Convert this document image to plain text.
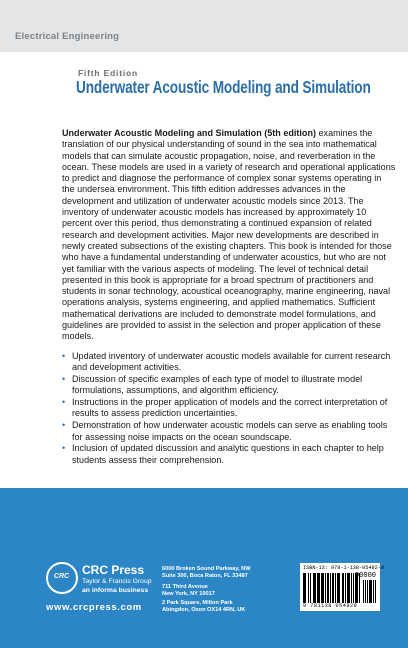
Electrical Engineering
Fifth Edition
Underwater Acoustic Modeling and Simulation
Underwater Acoustic Modeling and Simulation (5th edition) examines the translation of our physical understanding of sound in the sea into mathematical models that can simulate acoustic propagation, noise, and reverberation in the ocean. These models are used in a variety of research and operational applications to predict and diagnose the performance of complex sonar systems operating in the undersea environment. This fifth edition addresses advances in the development and utilization of underwater acoustic models since 2013. The inventory of underwater acoustic models has increased by approximately 10 percent over this period, thus demonstrating a continued expansion of related research and development activities. Major new developments are described in newly created subsections of the existing chapters. This book is intended for those who have a fundamental understanding of underwater acoustics, but who are not yet familiar with the various aspects of modeling. The level of technical detail presented in this book is appropriate for a broad spectrum of practitioners and students in sonar technology, acoustical oceanography, marine engineering, naval operations analysis, systems engineering, and applied mathematics. Sufficient mathematical derivations are included to demonstrate model formulations, and guidelines are provided to assist in the selection and proper application of these models.
• Updated inventory of underwater acoustic models available for current research and development activities.
• Discussion of specific examples of each type of model to illustrate model formulations, assumptions, and algorithm efficiency.
• Instructions in the proper application of models and the correct interpretation of results to assess prediction uncertainties.
• Demonstration of how underwater acoustic models can serve as enabling tools for assessing noise impacts on the ocean soundscape.
• Inclusion of updated discussion and analytic questions in each chapter to help students assess their comprehension.
CRC	CRC Press
Taylor & Francis Group
an informa business
www.crcpress.com
6000 Broken Sound Parkway, NW
Suite 300, Boca Raton, FL 33487
711 Third Avenue
New York, NY 10017
2 Park Square, Milton Park
Abingdon, Oxon OX14 4RN, UK
ISBN-13: 978-1-138-05492-9
90000
9 781138 054929
